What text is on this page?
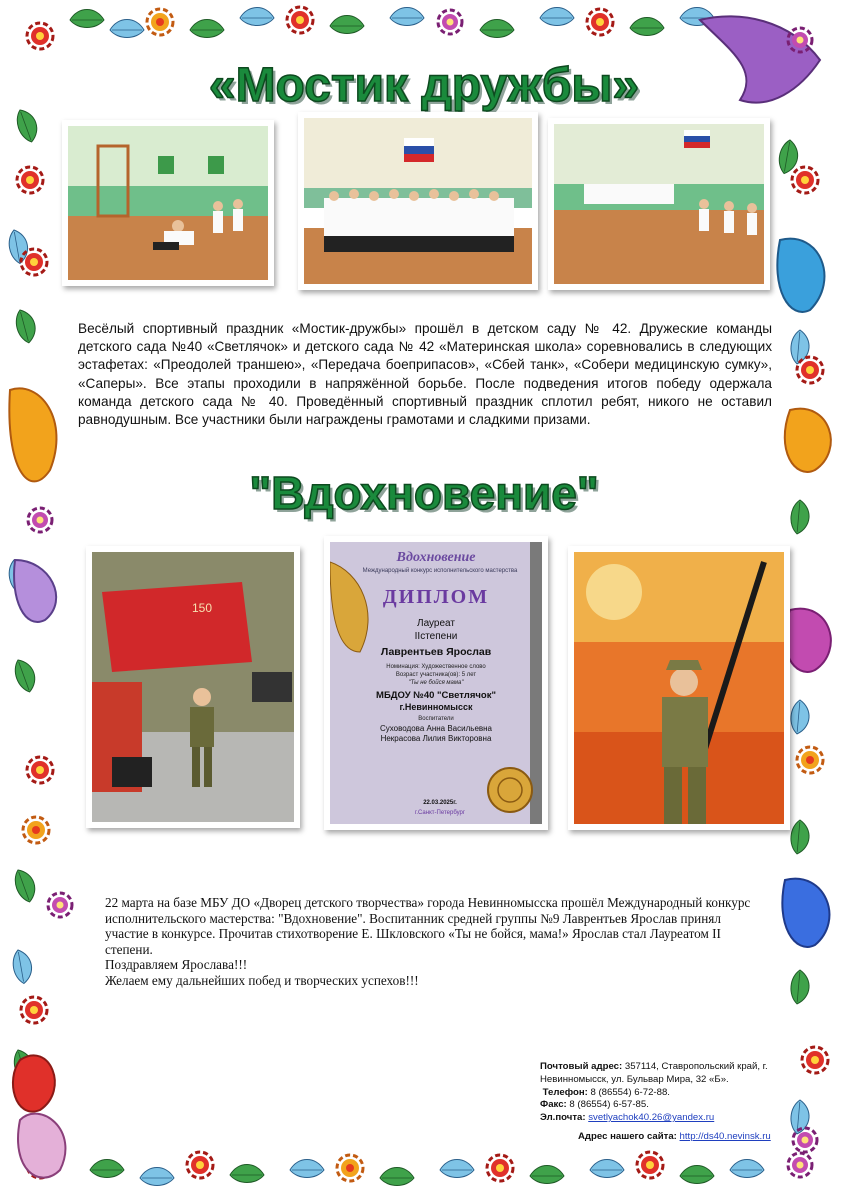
«Мостик дружбы»
Весёлый спортивный праздник «Мостик-дружбы» прошёл в детском саду № 42. Дружеские команды детского сада №40 «Светлячок» и детского сада № 42 «Материнская школа» соревновались в следующих эстафетах: «Преодолей траншею», «Передача боеприпасов», «Сбей танк», «Собери медицинскую сумку», «Саперы». Все этапы проходили в напряжённой борьбе. После подведения итогов победу одержала команда детского сада № 40. Проведённый спортивный праздник сплотил ребят, никого не оставил равнодушным. Все участники были награждены грамотами и сладкими призами.
"Вдохновение"
150
Вдохновение
Международный конкурс исполнительского мастерства
ДИПЛОМ
Лауреат
IIстепени
Лаврентьев Ярослав
Номинация: Художественное слово
Возраст участника(ов): 5 лет
"Ты не бойся мама"
МБДОУ №40 "Светлячок"
г.Невинномысск
Воспитатели
Суховодова Анна Васильевна
Некрасова Лилия Викторовна
22.03.2025г.
г.Санкт-Петербург

22 марта на базе МБУ ДО «Дворец детского творчества» города Невинномысска прошёл Международный конкурс исполнительского мастерства: "Вдохновение". Воспитанник средней группы №9 Лаврентьев Ярослав принял участие в конкурсе. Прочитав стихотворение Е. Шкловского «Ты не бойся, мама!» Ярослав стал Лауреатом II степени.

Поздравляем Ярослава!!!

Желаем ему дальнейших побед и творческих успехов!!!

Почтовый адрес: 357114, Ставропольский край, г. Невинномысск, ул. Бульвар Мира, 32 «Б».
Телефон: 8 (86554) 6-72-88.
Факс: 8 (86554) 6-57-85.
Эл.почта: svetlyachok40.26@yandex.ru
Адрес нашего сайта: http://ds40.nevinsk.ru
